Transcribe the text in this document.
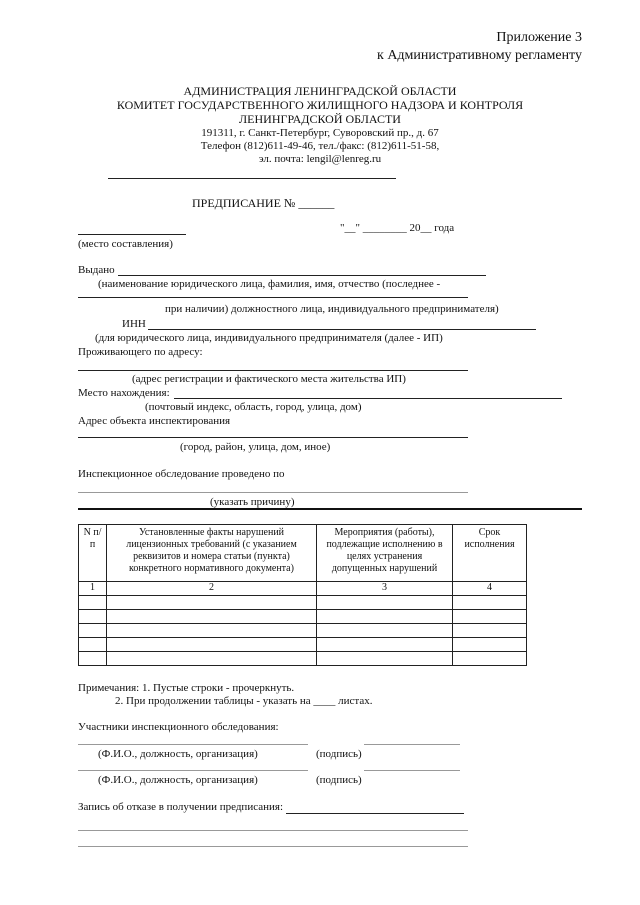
Приложение 3
к Административному регламенту
АДМИНИСТРАЦИЯ ЛЕНИНГРАДСКОЙ ОБЛАСТИ
КОМИТЕТ ГОСУДАРСТВЕННОГО ЖИЛИЩНОГО НАДЗОРА И КОНТРОЛЯ
ЛЕНИНГРАДСКОЙ ОБЛАСТИ
191311, г. Санкт-Петербург, Суворовский пр., д. 67
Телефон (812)611-49-46, тел./факс: (812)611-51-58,
эл. почта: lengil@lenreg.ru
ПРЕДПИСАНИЕ № ______
"__" ________ 20__ года
(место составления)
Выдано
(наименование юридического лица, фамилия, имя, отчество (последнее -
при наличии) должностного лица, индивидуального предпринимателя)
ИНН
(для юридического лица, индивидуального предпринимателя (далее - ИП)
Проживающего по адресу:
(адрес регистрации и фактического места жительства ИП)
Место нахождения:
(почтовый индекс, область, город, улица, дом)
Адрес объекта инспектирования
(город, район, улица, дом, иное)
Инспекционное обследование проведено по
(указать причину)
N п/п	Установленные факты нарушений лицензионных требований (с указанием реквизитов и номера статьи (пункта) конкретного нормативного документа)	Мероприятия (работы), подлежащие исполнению в целях устранения допущенных нарушений	Срок исполнения
1	2	3	4

Примечания: 1. Пустые строки - прочеркнуть.
2. При продолжении таблицы - указать на ____ листах.
Участники инспекционного обследования:
(Ф.И.О., должность, организация)	(подпись)
(Ф.И.О., должность, организация)	(подпись)
Запись об отказе в получении предписания:
